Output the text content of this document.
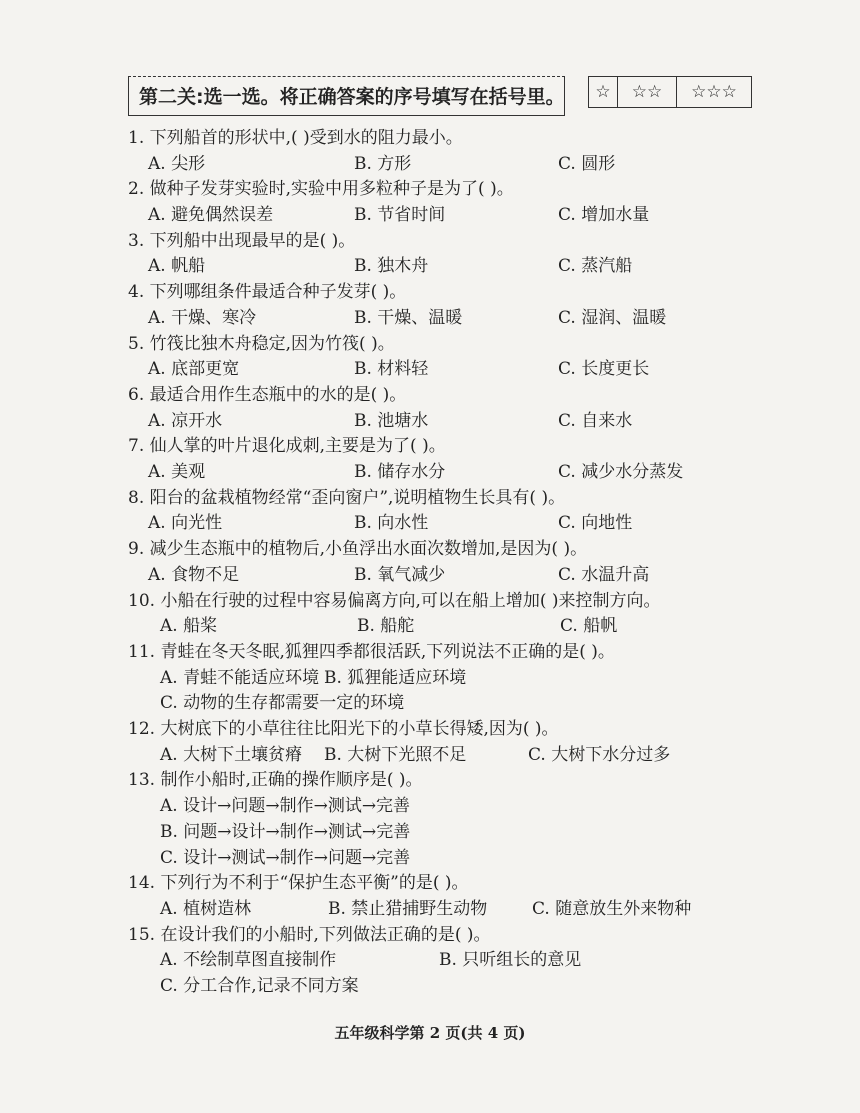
第二关:选一选。将正确答案的序号填写在括号里。	☆	☆☆	☆☆☆
1. 下列船首的形状中,( )受到水的阻力最小。
A. 尖形	B. 方形	C. 圆形
2. 做种子发芽实验时,实验中用多粒种子是为了( )。
A. 避免偶然误差	B. 节省时间	C. 增加水量
3. 下列船中出现最早的是( )。
A. 帆船	B. 独木舟	C. 蒸汽船
4. 下列哪组条件最适合种子发芽( )。
A. 干燥、寒冷	B. 干燥、温暖	C. 湿润、温暖
5. 竹筏比独木舟稳定,因为竹筏( )。
A. 底部更宽	B. 材料轻	C. 长度更长
6. 最适合用作生态瓶中的水的是( )。
A. 凉开水	B. 池塘水	C. 自来水
7. 仙人掌的叶片退化成刺,主要是为了( )。
A. 美观	B. 储存水分	C. 减少水分蒸发
8. 阳台的盆栽植物经常“歪向窗户”,说明植物生长具有( )。
A. 向光性	B. 向水性	C. 向地性
9. 减少生态瓶中的植物后,小鱼浮出水面次数增加,是因为( )。
A. 食物不足	B. 氧气减少	C. 水温升高
10. 小船在行驶的过程中容易偏离方向,可以在船上增加( )来控制方向。
A. 船桨	B. 船舵	C. 船帆
11. 青蛙在冬天冬眠,狐狸四季都很活跃,下列说法不正确的是( )。
A. 青蛙不能适应环境 B. 狐狸能适应环境
C. 动物的生存都需要一定的环境
12. 大树底下的小草往往比阳光下的小草长得矮,因为( )。
A. 大树下土壤贫瘠 B. 大树下光照不足	C. 大树下水分过多
13. 制作小船时,正确的操作顺序是( )。
A. 设计→问题→制作→测试→完善
B. 问题→设计→制作→测试→完善
C. 设计→测试→制作→问题→完善
14. 下列行为不利于“保护生态平衡”的是( )。
A. 植树造林	B. 禁止猎捕野生动物	C. 随意放生外来物种
15. 在设计我们的小船时,下列做法正确的是( )。
A. 不绘制草图直接制作	B. 只听组长的意见
C. 分工合作,记录不同方案
五年级科学第 2 页(共 4 页)
